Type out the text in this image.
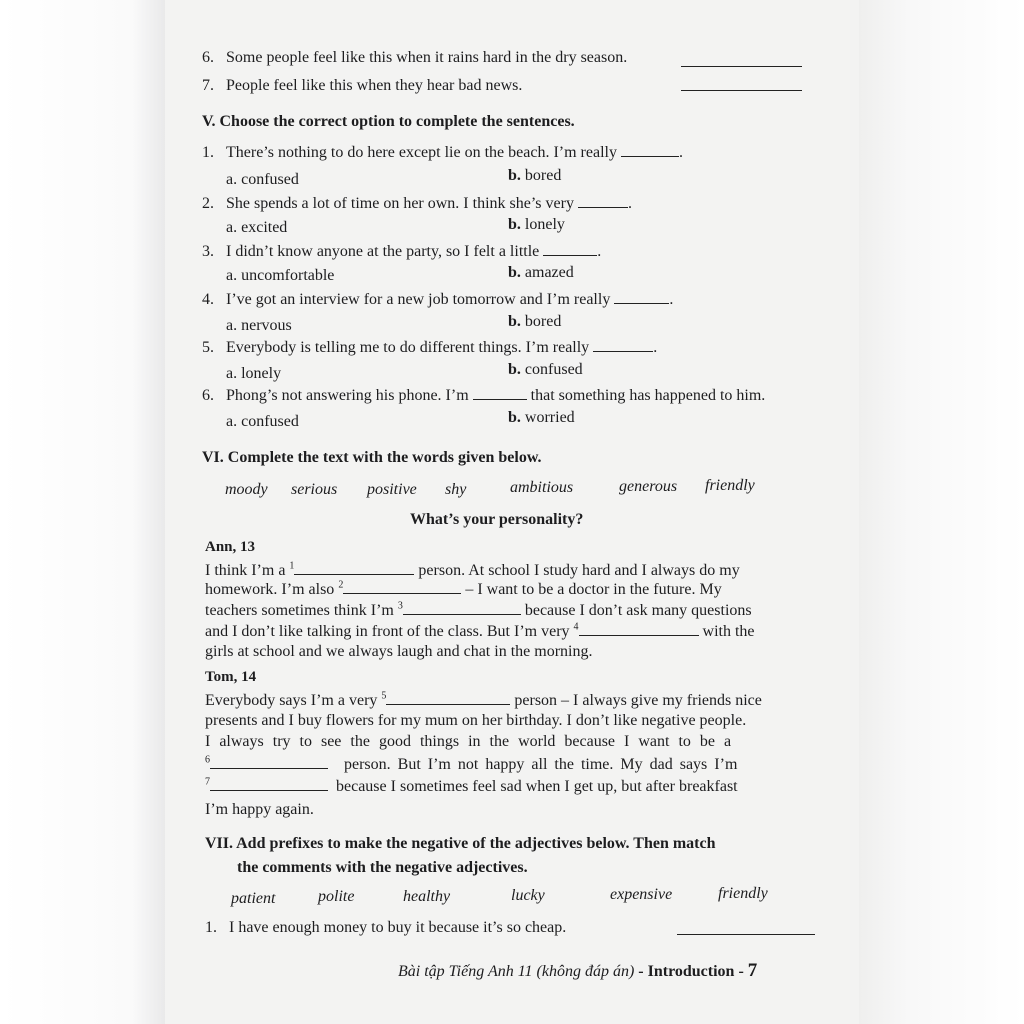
6. Some people feel like this when it rains hard in the dry season.
7. People feel like this when they hear bad news.
V. Choose the correct option to complete the sentences.
1. There’s nothing to do here except lie on the beach. I’m really	.
a. confused	b. bored
2. She spends a lot of time on her own. I think she’s very	.
a. excited	b. lonely
3. I didn’t know anyone at the party, so I felt a little	.
a. uncomfortable	b. amazed
4. I’ve got an interview for a new job tomorrow and I’m really	.
a. nervous	b. bored
5. Everybody is telling me to do different things. I’m really	.
a. lonely	b. confused
6. Phong’s not answering his phone. I’m	that something has happened to him.
a. confused	b. worried
VI. Complete the text with the words given below.
moody serious positive shy	ambitious	generous friendly
What’s your personality?
Ann, 13
I think I’m a $^1$	person. At school I study hard and I always do my
homework. I’m also $^2$	– I want to be a doctor in the future. My
teachers sometimes think I’m $^3$	because I don’t ask many questions
and I don’t like talking in front of the class. But I’m very $^4$	with the
girls at school and we always laugh and chat in the morning.
Tom, 14
Everybody says I’m a very $^5$	person – I always give my friends nice
presents and I buy flowers for my mum on her birthday. I don’t like negative people.
I always try to see the good things in the world because I want to be a
$^6$	person. But I’m not happy all the time. My dad says I’m
$^7$	because I sometimes feel sad when I get up, but after breakfast
I’m happy again.
VII. Add prefixes to make the negative of the adjectives below. Then match
the comments with the negative adjectives.
patient	polite	healthy	lucky	expensive	friendly
1. I have enough money to buy it because it’s so cheap.
Bài tập Tiếng Anh 11 (không đáp án) - Introduction - 7
